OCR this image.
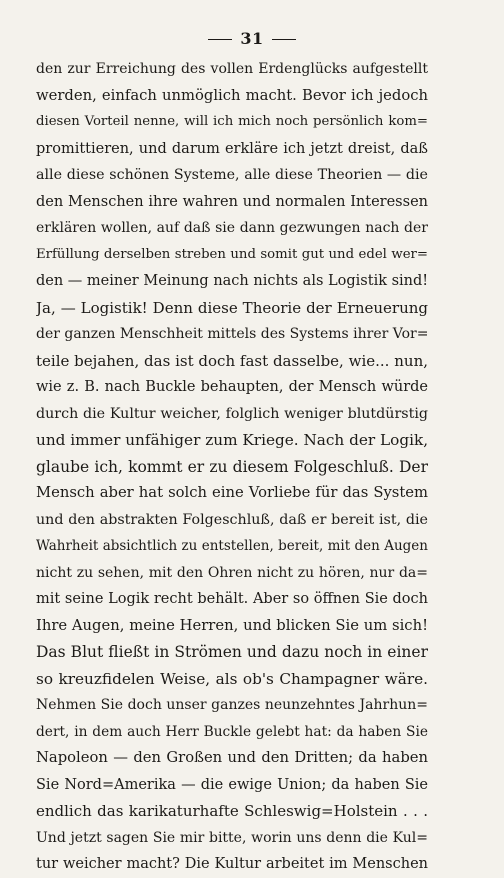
31
den zur Erreichung des vollen Erdenglücks aufgestellt
werden, einfach unmöglich macht. Bevor ich jedoch
diesen Vorteil nenne, will ich mich noch persönlich kom=
promittieren, und darum erkläre ich jetzt dreist, daß
alle diese schönen Systeme, alle diese Theorien — die
den Menschen ihre wahren und normalen Interessen
erklären wollen, auf daß sie dann gezwungen nach der
Erfüllung derselben streben und somit gut und edel wer=
den — meiner Meinung nach nichts als Logistik sind!
Ja, — Logistik! Denn diese Theorie der Erneuerung
der ganzen Menschheit mittels des Systems ihrer Vor=
teile bejahen, das ist doch fast dasselbe, wie... nun,
wie z. B. nach Buckle behaupten, der Mensch würde
durch die Kultur weicher, folglich weniger blutdürstig
und immer unfähiger zum Kriege. Nach der Logik,
glaube ich, kommt er zu diesem Folgeschluß. Der
Mensch aber hat solch eine Vorliebe für das System
und den abstrakten Folgeschluß, daß er bereit ist, die
Wahrheit absichtlich zu entstellen, bereit, mit den Augen
nicht zu sehen, mit den Ohren nicht zu hören, nur da=
mit seine Logik recht behält. Aber so öffnen Sie doch
Ihre Augen, meine Herren, und blicken Sie um sich!
Das Blut fließt in Strömen und dazu noch in einer
so kreuzfidelen Weise, als ob's Champagner wäre.
Nehmen Sie doch unser ganzes neunzehntes Jahrhun=
dert, in dem auch Herr Buckle gelebt hat: da haben Sie
Napoleon — den Großen und den Dritten; da haben
Sie Nord=Amerika — die ewige Union; da haben Sie
endlich das karikaturhafte Schleswig=Holstein . . .
Und jetzt sagen Sie mir bitte, worin uns denn die Kul=
tur weicher macht? Die Kultur arbeitet im Menschen
